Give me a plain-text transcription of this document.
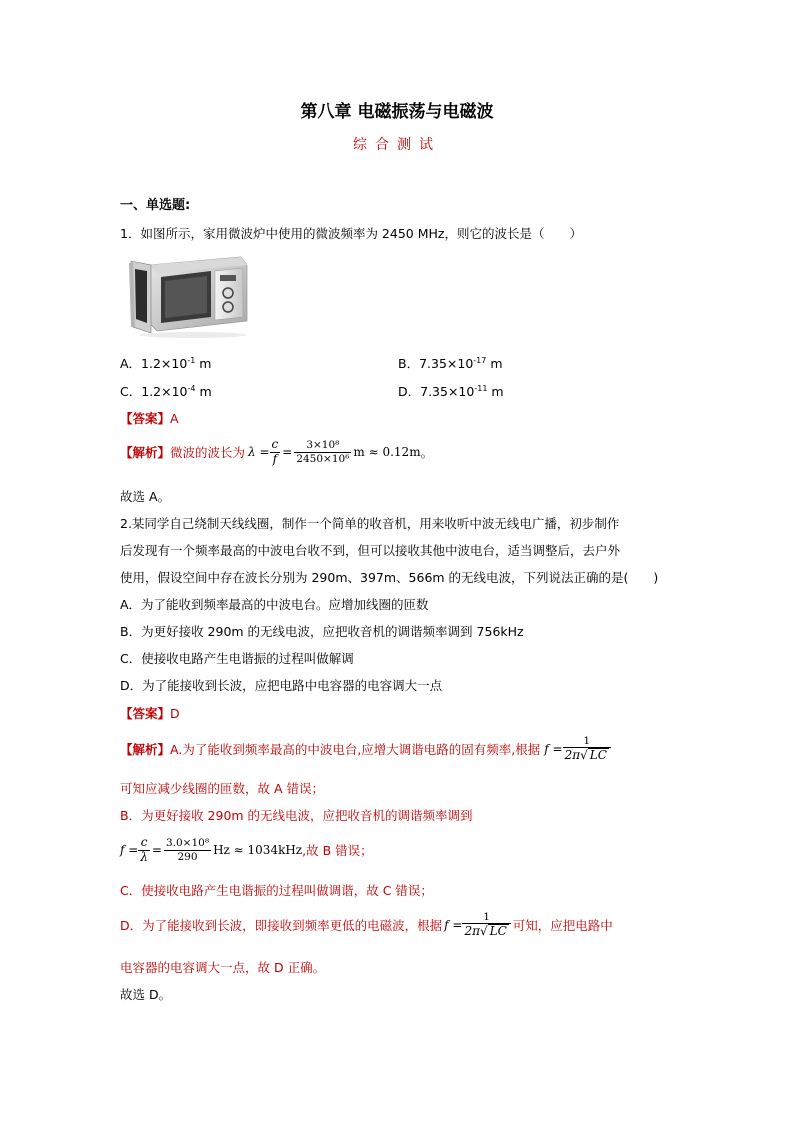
第八章 电磁振荡与电磁波
综合测试
一、单选题:
1．如图所示，家用微波炉中使用的微波频率为 2450 MHz，则它的波长是（　　）
A．$1.2\times 10^{-1}$ m	B．$7.35\times 10^{-17}$ m
C．$1.2\times 10^{-4}$ m	D．$7.35\times 10^{-11}$ m
【答案】A
【解析】 微波的波长为 $\lambda = \frac{c}{f} = \frac{\text{3×10⁸}}{\text{2450×10⁶}}$ m ≈ 0.12m 。
故选 A。
2.某同学自己绕制天线线圈，制作一个简单的收音机，用来收听中波无线电广播，初步制作
后发现有一个频率最高的中波电台收不到，但可以接收其他中波电台，适当调整后，去户外
使用，假设空间中存在波长分别为 290m、397m、566m 的无线电波，下列说法正确的是(　　)
A．为了能收到频率最高的中波电台。应增加线圈的匝数
B．为更好接收 290m 的无线电波，应把收音机的调谐频率调到 756kHz
C．使接收电路产生电谐振的过程叫做解调
D．为了能接收到长波，应把电路中电容器的电容调大一点
【答案】D
【解析】 A.为了能收到频率最高的中波电台,应增大调谐电路的固有频率,根据 $f = \frac{1}{2\pi√ LC}$
可知应减少线圈的匝数，故 A 错误；
B．为更好接收 290m 的无线电波，应把收音机的调谐频率调到
$f = \frac{c}{\lambda} = \frac{\text{3.0×10⁸}}{290}$ Hz ≈ 1034kHz ,故 B 错误；
C．使接收电路产生电谐振的过程叫做调谐，故 C 错误；
D．为了能接收到长波，即接收到频率更低的电磁波，根据 $f = \frac{1}{2\pi√ LC}$ 可知，应把电路中
电容器的电容调大一点，故 D 正确。
故选 D。
